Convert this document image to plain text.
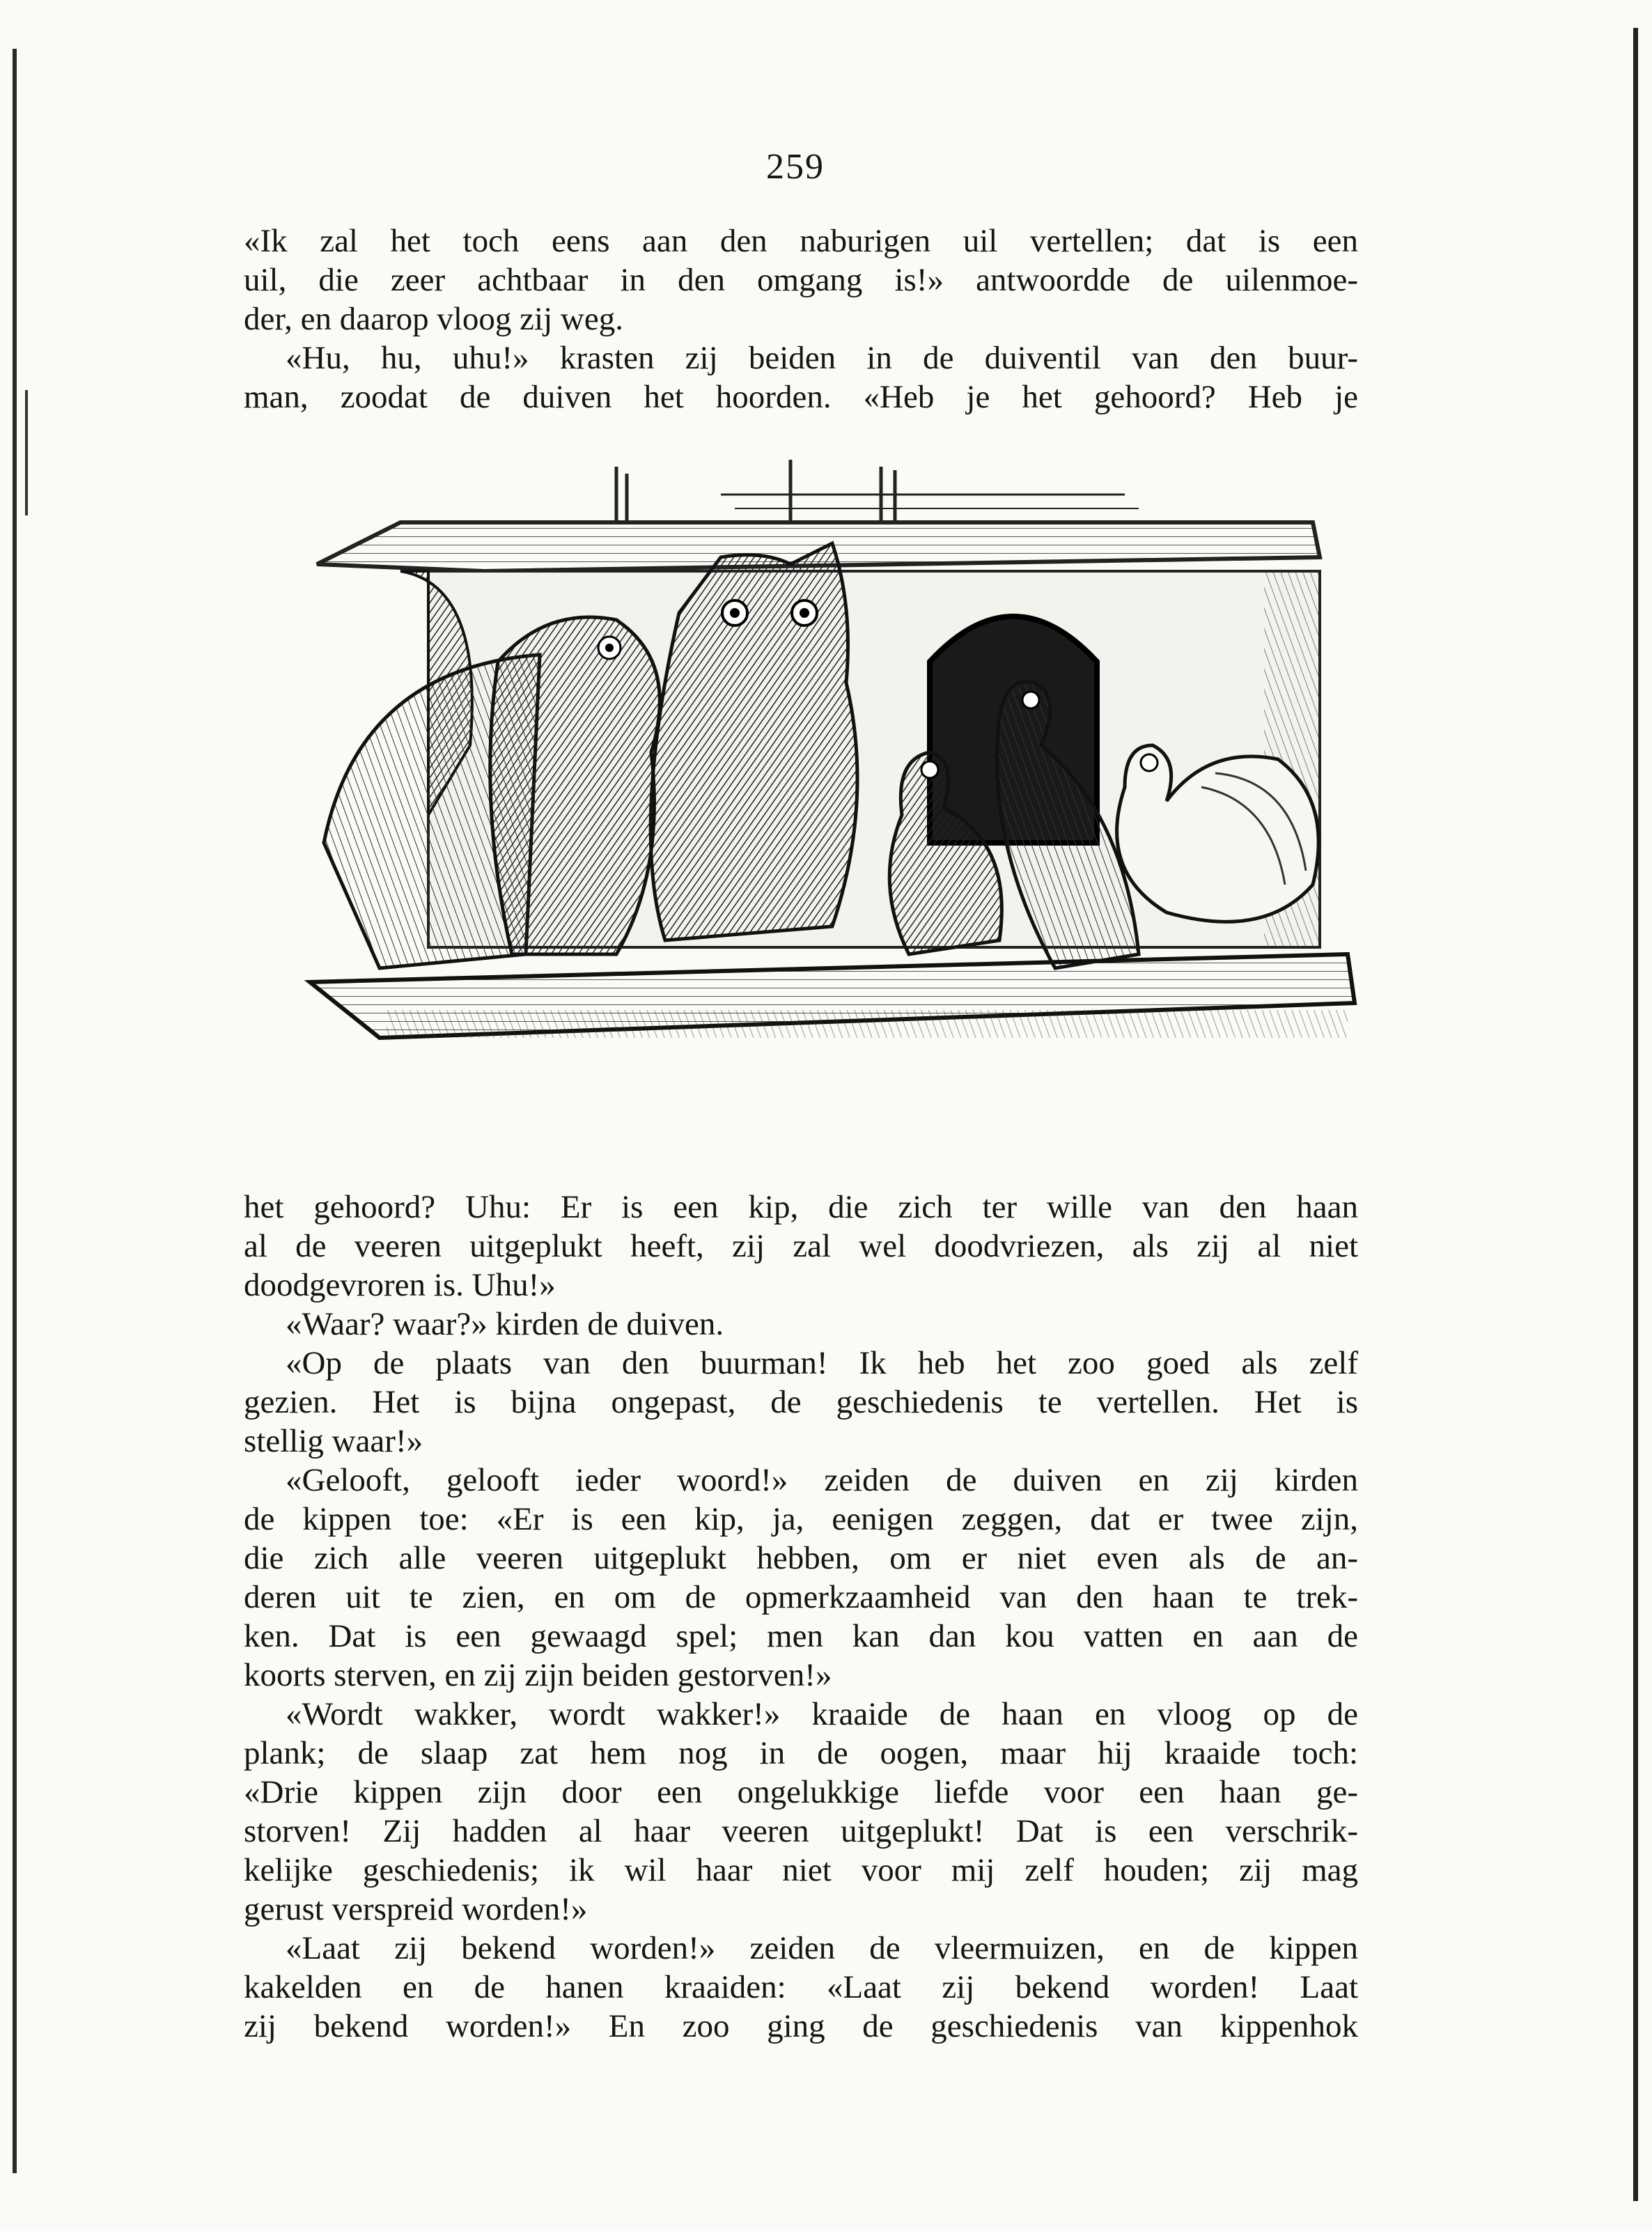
259

«Ik zal het toch eens aan den naburigen uil vertellen; dat is een

uil, die zeer achtbaar in den omgang is!» antwoordde de uilenmoe-

der, en daarop vloog zij weg.

«Hu, hu, uhu!» krasten zij beiden in de duiventil van den buur-

man, zoodat de duiven het hoorden. «Heb je het gehoord? Heb je

het gehoord? Uhu: Er is een kip, die zich ter wille van den haan

al de veeren uitgeplukt heeft, zij zal wel doodvriezen, als zij al niet

doodgevroren is. Uhu!»

«Waar? waar?» kirden de duiven.

«Op de plaats van den buurman! Ik heb het zoo goed als zelf

gezien. Het is bijna ongepast, de geschiedenis te vertellen. Het is

stellig waar!»

«Gelooft, gelooft ieder woord!» zeiden de duiven en zij kirden

de kippen toe: «Er is een kip, ja, eenigen zeggen, dat er twee zijn,

die zich alle veeren uitgeplukt hebben, om er niet even als de an-

deren uit te zien, en om de opmerkzaamheid van den haan te trek-

ken. Dat is een gewaagd spel; men kan dan kou vatten en aan de

koorts sterven, en zij zijn beiden gestorven!»

«Wordt wakker, wordt wakker!» kraaide de haan en vloog op de

plank; de slaap zat hem nog in de oogen, maar hij kraaide toch:

«Drie kippen zijn door een ongelukkige liefde voor een haan ge-

storven! Zij hadden al haar veeren uitgeplukt! Dat is een verschrik-

kelijke geschiedenis; ik wil haar niet voor mij zelf houden; zij mag

gerust verspreid worden!»

«Laat zij bekend worden!» zeiden de vleermuizen, en de kippen

kakelden en de hanen kraaiden: «Laat zij bekend worden! Laat

zij bekend worden!» En zoo ging de geschiedenis van kippenhok
